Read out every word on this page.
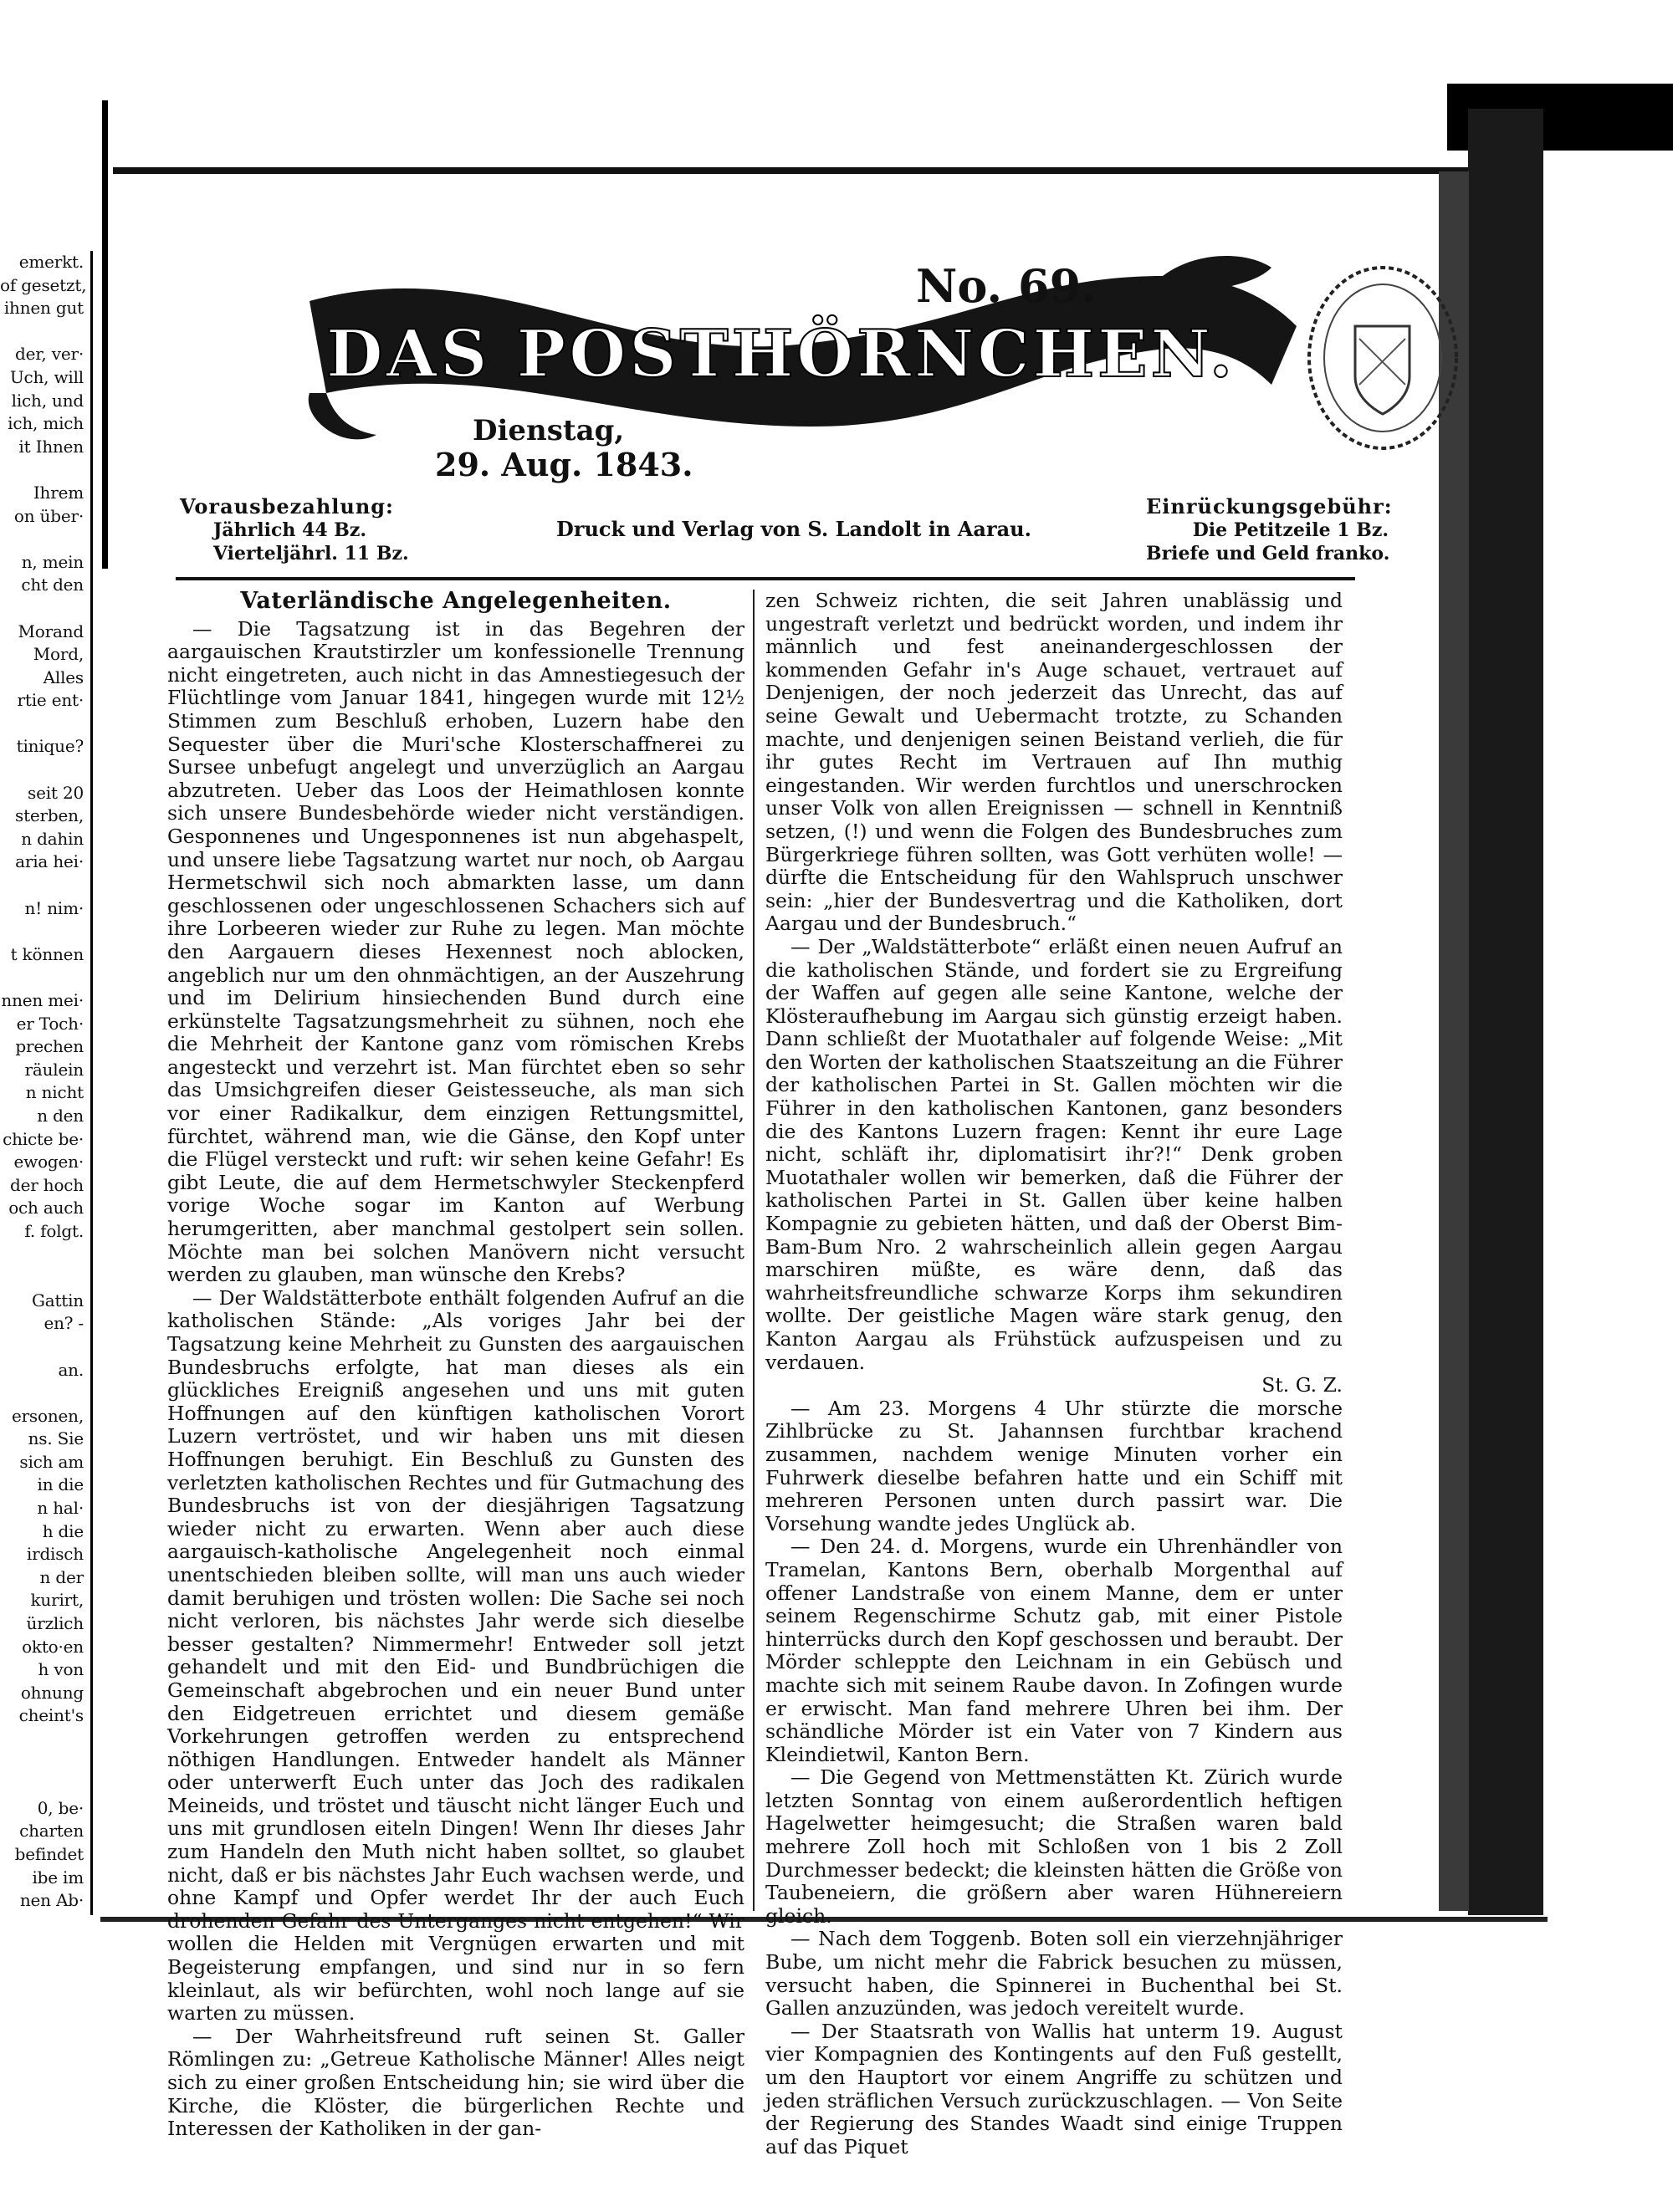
emerkt.
of gesetzt,
ihnen gut

der, ver·
Uch, will
lich, und
ich, mich
it Ihnen

Ihrem
on über·

n, mein
cht den

Morand
Mord,
Alles
rtie ent·

tinique?

seit 20
sterben,
n dahin
aria hei·

n! nim·

t können

nnen mei·
er Toch·
prechen
räulein
n nicht
n den
chicte be·
ewogen·
der hoch
och auch
f. folgt.

Gattin
en? -

an.

ersonen,
ns. Sie
sich am
in die
n hal·
h die
irdisch
n der
kurirt,
ürzlich
okto·en
h von
ohnung
cheint's

0, be·
charten
befindet
ibe im
nen Ab·
DAS POSTHÖRNCHEN.
No. 69.
Dienstag,
29. Aug. 1843.
Vorausbezahlung:
Jährlich 44 Bz.
Vierteljährl. 11 Bz.
Druck und Verlag von S. Landolt in Aarau.
Einrückungsgebühr:
Die Petitzeile 1 Bz.
Briefe und Geld franko.
Vaterländische Angelegenheiten.

— Die Tagsatzung ist in das Begehren der aargauischen Krautstirzler um konfessionelle Trennung nicht eingetreten, auch nicht in das Amnestiegesuch der Flüchtlinge vom Januar 1841, hingegen wurde mit 12½ Stimmen zum Beschluß erhoben, Luzern habe den Sequester über die Muri'sche Klosterschaffnerei zu Sursee unbefugt angelegt und unverzüglich an Aargau abzutreten. Ueber das Loos der Heimathlosen konnte sich unsere Bundesbehörde wieder nicht verständigen. Gesponnenes und Ungesponnenes ist nun abgehaspelt, und unsere liebe Tagsatzung wartet nur noch, ob Aargau Hermetschwil sich noch abmarkten lasse, um dann geschlossenen oder ungeschlossenen Schachers sich auf ihre Lorbeeren wieder zur Ruhe zu legen. Man möchte den Aargauern dieses Hexennest noch ablocken, angeblich nur um den ohnmächtigen, an der Auszehrung und im Delirium hinsiechenden Bund durch eine erkünstelte Tagsatzungsmehrheit zu sühnen, noch ehe die Mehrheit der Kantone ganz vom römischen Krebs angesteckt und verzehrt ist. Man fürchtet eben so sehr das Umsichgreifen dieser Geistesseuche, als man sich vor einer Radikalkur, dem einzigen Rettungsmittel, fürchtet, während man, wie die Gänse, den Kopf unter die Flügel versteckt und ruft: wir sehen keine Gefahr! Es gibt Leute, die auf dem Hermetschwyler Steckenpferd vorige Woche sogar im Kanton auf Werbung herumgeritten, aber manchmal gestolpert sein sollen. Möchte man bei solchen Manövern nicht versucht werden zu glauben, man wünsche den Krebs?

— Der Waldstätterbote enthält folgenden Aufruf an die katholischen Stände: „Als voriges Jahr bei der Tagsatzung keine Mehrheit zu Gunsten des aargauischen Bundesbruchs erfolgte, hat man dieses als ein glückliches Ereigniß angesehen und uns mit guten Hoffnungen auf den künftigen katholischen Vorort Luzern vertröstet, und wir haben uns mit diesen Hoffnungen beruhigt. Ein Beschluß zu Gunsten des verletzten katholischen Rechtes und für Gutmachung des Bundesbruchs ist von der diesjährigen Tagsatzung wieder nicht zu erwarten. Wenn aber auch diese aargauisch-katholische Angelegenheit noch einmal unentschieden bleiben sollte, will man uns auch wieder damit beruhigen und trösten wollen: Die Sache sei noch nicht verloren, bis nächstes Jahr werde sich dieselbe besser gestalten? Nimmermehr! Entweder soll jetzt gehandelt und mit den Eid- und Bundbrüchigen die Gemeinschaft abgebrochen und ein neuer Bund unter den Eidgetreuen errichtet und diesem gemäße Vorkehrungen getroffen werden zu entsprechend nöthigen Handlungen. Entweder handelt als Männer oder unterwerft Euch unter das Joch des radikalen Meineids, und tröstet und täuscht nicht länger Euch und uns mit grundlosen eiteln Dingen! Wenn Ihr dieses Jahr zum Handeln den Muth nicht haben solltet, so glaubet nicht, daß er bis nächstes Jahr Euch wachsen werde, und ohne Kampf und Opfer werdet Ihr der auch Euch drohenden Gefahr des Unterganges nicht entgehen!“ Wir wollen die Helden mit Vergnügen erwarten und mit Begeisterung empfangen, und sind nur in so fern kleinlaut, als wir befürchten, wohl noch lange auf sie warten zu müssen.

— Der Wahrheitsfreund ruft seinen St. Galler Römlingen zu: „Getreue Katholische Männer! Alles neigt sich zu einer großen Entscheidung hin; sie wird über die Kirche, die Klöster, die bürgerlichen Rechte und Interessen der Katholiken in der gan-

zen Schweiz richten, die seit Jahren unablässig und ungestraft verletzt und bedrückt worden, und indem ihr männlich und fest aneinandergeschlossen der kommenden Gefahr in's Auge schauet, vertrauet auf Denjenigen, der noch jederzeit das Unrecht, das auf seine Gewalt und Uebermacht trotzte, zu Schanden machte, und denjenigen seinen Beistand verlieh, die für ihr gutes Recht im Vertrauen auf Ihn muthig eingestanden. Wir werden furchtlos und unerschrocken unser Volk von allen Ereignissen — schnell in Kenntniß setzen, (!) und wenn die Folgen des Bundesbruches zum Bürgerkriege führen sollten, was Gott verhüten wolle! — dürfte die Entscheidung für den Wahlspruch unschwer sein: „hier der Bundesvertrag und die Katholiken, dort Aargau und der Bundesbruch.“

— Der „Waldstätterbote“ erläßt einen neuen Aufruf an die katholischen Stände, und fordert sie zu Ergreifung der Waffen auf gegen alle seine Kantone, welche der Klösteraufhebung im Aargau sich günstig erzeigt haben. Dann schließt der Muotathaler auf folgende Weise: „Mit den Worten der katholischen Staatszeitung an die Führer der katholischen Partei in St. Gallen möchten wir die Führer in den katholischen Kantonen, ganz besonders die des Kantons Luzern fragen: Kennt ihr eure Lage nicht, schläft ihr, diplomatisirt ihr?!“ Denk groben Muotathaler wollen wir bemerken, daß die Führer der katholischen Partei in St. Gallen über keine halben Kompagnie zu gebieten hätten, und daß der Oberst Bim-Bam-Bum Nro. 2 wahrscheinlich allein gegen Aargau marschiren müßte, es wäre denn, daß das wahrheitsfreundliche schwarze Korps ihm sekundiren wollte. Der geistliche Magen wäre stark genug, den Kanton Aargau als Frühstück aufzuspeisen und zu verdauen.

St. G. Z.

— Am 23. Morgens 4 Uhr stürzte die morsche Zihlbrücke zu St. Jahannsen furchtbar krachend zusammen, nachdem wenige Minuten vorher ein Fuhrwerk dieselbe befahren hatte und ein Schiff mit mehreren Personen unten durch passirt war. Die Vorsehung wandte jedes Unglück ab.

— Den 24. d. Morgens, wurde ein Uhrenhändler von Tramelan, Kantons Bern, oberhalb Morgenthal auf offener Landstraße von einem Manne, dem er unter seinem Regenschirme Schutz gab, mit einer Pistole hinterrücks durch den Kopf geschossen und beraubt. Der Mörder schleppte den Leichnam in ein Gebüsch und machte sich mit seinem Raube davon. In Zofingen wurde er erwischt. Man fand mehrere Uhren bei ihm. Der schändliche Mörder ist ein Vater von 7 Kindern aus Kleindietwil, Kanton Bern.

— Die Gegend von Mettmenstätten Kt. Zürich wurde letzten Sonntag von einem außerordentlich heftigen Hagelwetter heimgesucht; die Straßen waren bald mehrere Zoll hoch mit Schloßen von 1 bis 2 Zoll Durchmesser bedeckt; die kleinsten hätten die Größe von Taubeneiern, die größern aber waren Hühnereiern gleich.

— Nach dem Toggenb. Boten soll ein vierzehnjähriger Bube, um nicht mehr die Fabrick besuchen zu müssen, versucht haben, die Spinnerei in Buchenthal bei St. Gallen anzuzünden, was jedoch vereitelt wurde.

— Der Staatsrath von Wallis hat unterm 19. August vier Kompagnien des Kontingents auf den Fuß gestellt, um den Hauptort vor einem Angriffe zu schützen und jeden sträflichen Versuch zurückzuschlagen. — Von Seite der Regierung des Standes Waadt sind einige Truppen auf das Piquet
